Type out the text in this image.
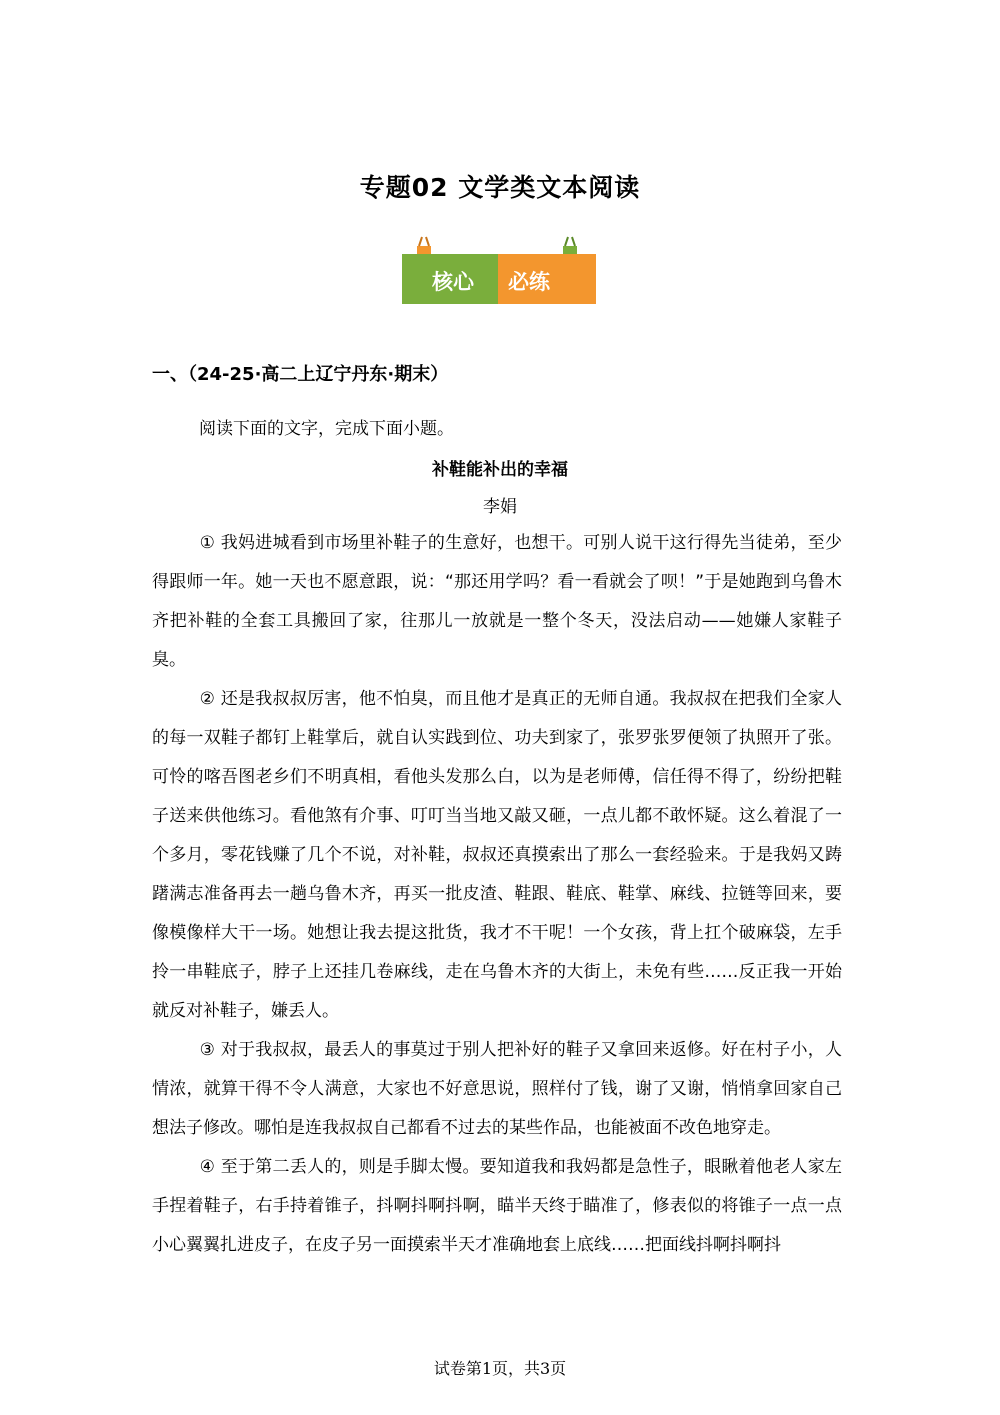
专题02 文学类文本阅读
核心 必练
一、（24-25·高二上辽宁丹东·期末）
阅读下面的文字，完成下面小题。
补鞋能补出的幸福
李娟

① 我妈进城看到市场里补鞋子的生意好，也想干。可别人说干这行得先当徒弟，至少得跟师一年。她一天也不愿意跟，说：“那还用学吗？看一看就会了呗！”于是她跑到乌鲁木齐把补鞋的全套工具搬回了家，往那儿一放就是一整个冬天，没法启动——她嫌人家鞋子臭。

② 还是我叔叔厉害，他不怕臭，而且他才是真正的无师自通。我叔叔在把我们全家人的每一双鞋子都钉上鞋掌后，就自认实践到位、功夫到家了，张罗张罗便领了执照开了张。可怜的喀吾图老乡们不明真相，看他头发那么白，以为是老师傅，信任得不得了，纷纷把鞋子送来供他练习。看他煞有介事、叮叮当当地又敲又砸，一点儿都不敢怀疑。这么着混了一个多月，零花钱赚了几个不说，对补鞋，叔叔还真摸索出了那么一套经验来。于是我妈又踌躇满志准备再去一趟乌鲁木齐，再买一批皮渣、鞋跟、鞋底、鞋掌、麻线、拉链等回来，要像模像样大干一场。她想让我去提这批货，我才不干呢！一个女孩，背上扛个破麻袋，左手拎一串鞋底子，脖子上还挂几卷麻线，走在乌鲁木齐的大街上，未免有些……反正我一开始就反对补鞋子，嫌丢人。

③ 对于我叔叔，最丢人的事莫过于别人把补好的鞋子又拿回来返修。好在村子小，人情浓，就算干得不令人满意，大家也不好意思说，照样付了钱，谢了又谢，悄悄拿回家自己想法子修改。哪怕是连我叔叔自己都看不过去的某些作品，也能被面不改色地穿走。

④ 至于第二丢人的，则是手脚太慢。要知道我和我妈都是急性子，眼瞅着他老人家左手捏着鞋子，右手持着锥子，抖啊抖啊抖啊，瞄半天终于瞄准了，修表似的将锥子一点一点小心翼翼扎进皮子，在皮子另一面摸索半天才准确地套上底线……把面线抖啊抖啊抖

试卷第1页，共3页
